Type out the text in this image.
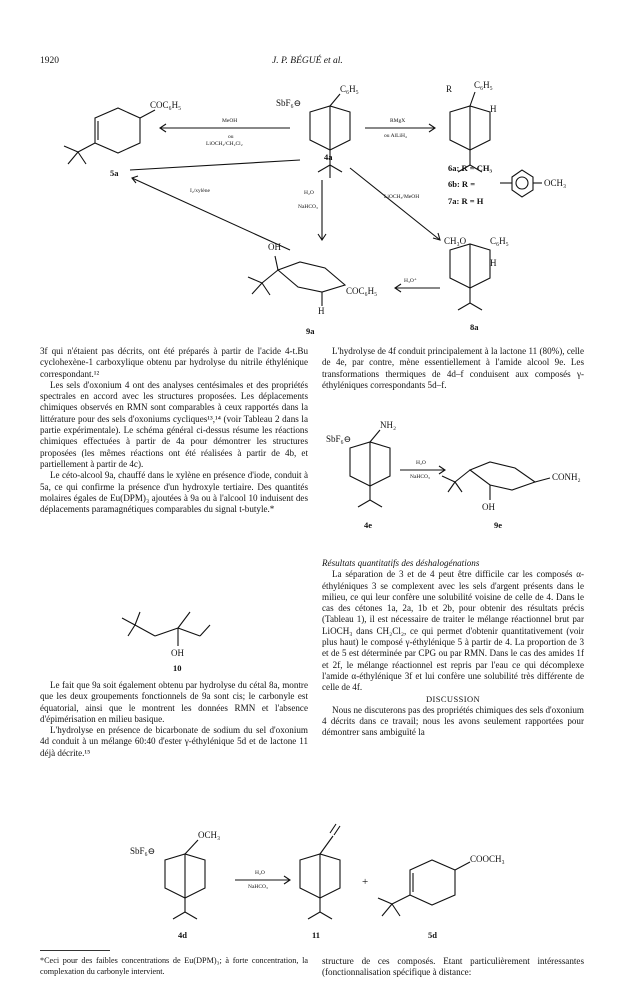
1920	J. P. BÉGUÉ et al.
COC₆H₅
5a
SbF₆⊖
C₆H₅
4a
MeOH
ou
LiOCH₂/CH₂Cl₂
RMgX
ou AlLiH₄
R C₆H₅
H
6a: R = CH₃
6b: R =	OCH₃
7a: R = H
I₂/xylène	H₂O
NaHCO₃
LiOCH₃/MeOH
CH₃O	C₆H₅
H
H₃O⁺
OH
COC₆H₅
H
9a	8a

3f qui n'étaient pas décrits, ont été préparés à partir de l'acide 4-t.Bu cyclohexène-1 carboxylique obtenu par hydrolyse du nitrile éthylénique correspondant.¹²

Les sels d'oxonium 4 ont des analyses centésimales et des propriétés spectrales en accord avec les structures proposées. Les déplacements chimiques observés en RMN sont comparables à ceux rapportés dans la littérature pour des sels d'oxoniums cycliques¹³,¹⁴ (voir Tableau 2 dans la partie expérimentale). Le schéma général ci-dessus résume les réactions chimiques effectuées à partir de 4a pour démontrer les structures proposées (les mêmes réactions ont été réalisées à partir de 4b, et partiellement à partir de 4c).

Le céto-alcool 9a, chauffé dans le xylène en présence d'iode, conduit à 5a, ce qui confirme la présence d'un hydroxyle tertiaire. Des quantités molaires égales de Eu(DPM)₃ ajoutées à 9a ou à l'alcool 10 induisent des déplacements paramagnétiques comparables du signal t-butyle.*

OH
10

Le fait que 9a soit également obtenu par hydrolyse du cétal 8a, montre que les deux groupements fonctionnels de 9a sont cis; le carbonyle est équatorial, ainsi que le montrent les données RMN et l'absence d'épimérisation en milieu basique.

L'hydrolyse en présence de bicarbonate de sodium du sel d'oxonium 4d conduit à un mélange 60:40 d'ester γ-éthylénique 5d et de lactone 11 déjà décrite.¹⁵

L'hydrolyse de 4f conduit principalement à la lactone 11 (80%), celle de 4e, par contre, mène essentiellement à l'amide alcool 9e. Les transformations thermiques de 4d–f conduisent aux composés γ-éthyléniques correspondants 5d–f.

NH₂
SbF₆⊖
H₂O
NaHCO₃	CONH₂
OH
4e	9e

Résultats quantitatifs des déshalogénations

La séparation de 3 et de 4 peut être difficile car les composés α-éthyléniques 3 se complexent avec les sels d'argent présents dans le milieu, ce qui leur confère une solubilité voisine de celle de 4. Dans le cas des cétones 1a, 2a, 1b et 2b, pour obtenir des résultats précis (Tableau 1), il est nécessaire de traiter le mélange réactionnel brut par LiOCH₃ dans CH₂Cl₂, ce qui permet d'obtenir quantitativement (voir plus haut) le composé γ-éthylénique 5 à partir de 4. La proportion de 3 et de 5 est déterminée par CPG ou par RMN. Dans le cas des amides 1f et 2f, le mélange réactionnel est repris par l'eau ce qui décomplexe l'amide α-éthylénique 3f et lui confère une solubilité très différente de celle de 4f.

DISCUSSION

Nous ne discuterons pas des propriétés chimiques des sels d'oxonium 4 décrits dans ce travail; nous les avons seulement rapportées pour démontrer sans ambiguïté la

SbF₆⊖
OCH₃
H₂O
NaHCO₃	+
COOCH₃
4d	11	5d
*Ceci pour des faibles concentrations de Eu(DPM)₃; à forte concentration, la complexation du carbonyle intervient.
structure de ces composés. Etant particulièrement intéressantes (fonctionnalisation spécifique à distance:
